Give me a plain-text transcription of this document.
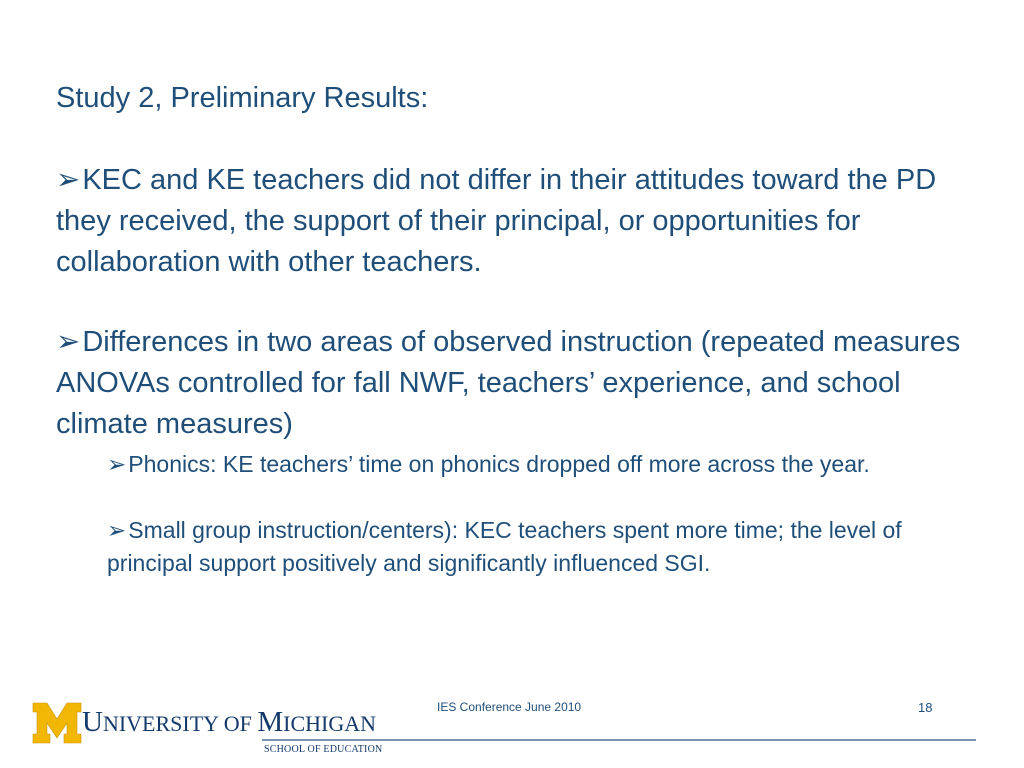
Study 2, Preliminary Results:
➢KEC and KE teachers did not differ in their attitudes toward the PD they received, the support of their principal, or opportunities for collaboration with other teachers.
➢Differences in two areas of observed instruction (repeated measures ANOVAs controlled for fall NWF, teachers’ experience, and school climate measures)
➢Phonics: KE teachers’ time on phonics dropped off more across the year.
➢Small group instruction/centers): KEC teachers spent more time; the level of principal support positively and significantly influenced SGI.
UNIVERSITY OF MICHIGAN
SCHOOL OF EDUCATION
IES Conference June 2010	18
